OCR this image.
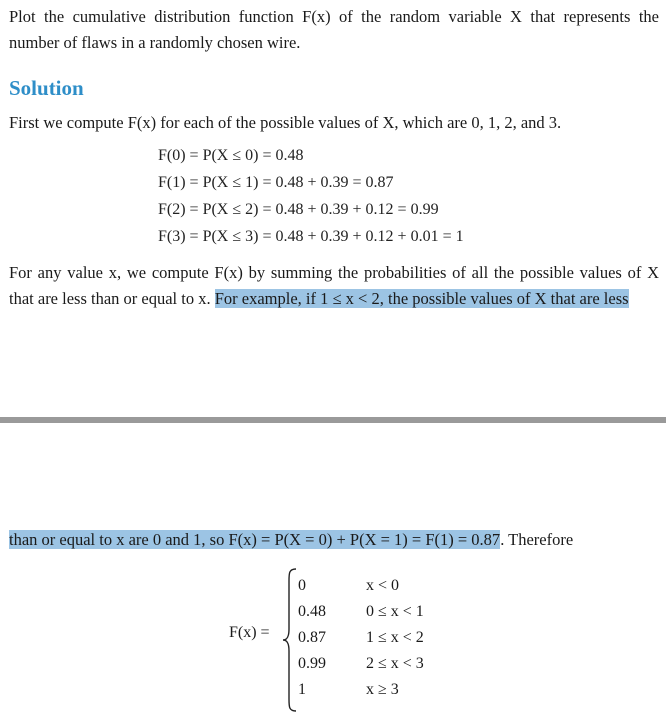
Plot the cumulative distribution function F(x) of the random variable X that represents the
number of flaws in a randomly chosen wire.
Solution
First we compute F(x) for each of the possible values of X, which are 0, 1, 2, and 3.
F(0) = P(X ≤ 0) = 0.48
F(1) = P(X ≤ 1) = 0.48 + 0.39 = 0.87
F(2) = P(X ≤ 2) = 0.48 + 0.39 + 0.12 = 0.99
F(3) = P(X ≤ 3) = 0.48 + 0.39 + 0.12 + 0.01 = 1
For any value x, we compute F(x) by summing the probabilities of all the possible values of X
that are less than or equal to x. For example, if 1 ≤ x < 2, the possible values of X that are less
than or equal to x are 0 and 1, so F(x) = P(X = 0) + P(X = 1) = F(1) = 0.87. Therefore
F(x) =
0	x < 0
0.48	0 ≤ x < 1
0.87	1 ≤ x < 2
0.99	2 ≤ x < 3
1	x ≥ 3
